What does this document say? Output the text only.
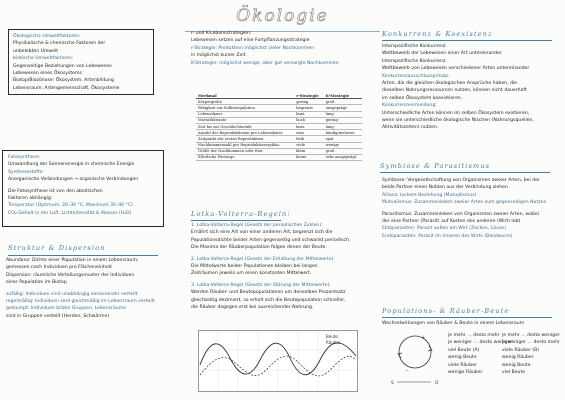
Ökologie
Ökologische Umweltfaktoren:
Physikalische & chemische Faktoren der
unbelebten Umwelt
biotische Umweltfaktoren:
Gegenseitige Beziehungen von Lebewesen
Lebewesen eines Ökosystems
Biotop/Biozönose: Ökosystem, Artenbildung
Lebensraum: Artengemeinschaft, Ökosysteme
Fotosynthese:
Umwandlung der Sonnenenergie in chemische Energie
Synthesestoffe:
Anorganische Verbindungen → organische Verbindungen
Die Fotosynthese ist von den abiotischen
Faktoren abhängig:
Temperatur (Optimum: 20–30 °C, Maximum 35–40 °C)
CO₂-Gehalt in der Luft, Lichtintensität & Wasser (H₂O)
Struktur & Dispersion
Abundanz: Dichte einer Population in einem Lebensraum,
gemessen nach Individuen pro Flächeneinheit
Dispersion: räumliche Verteilungsmuster der Individuen
einer Population im Biotop
zufällig: Individuen sind unabhängig voneinander verteilt
regelmäßig: Individuen sind gleichmäßig im Lebensraum verteilt
geklumpt: Individuen bilden Gruppen, Lebensräume
sind in Gruppen verteilt (Herden, Schwärme)
r- und K-Lebensstrategien:
Lebewesen setzen auf eine Fortpflanzungsstrategie
r-Strategie: Produktion möglichst vieler Nachkommen
in möglichst kurzer Zeit
K-Strategie: möglichst wenige, aber gut versorgte Nachkommen
Merkmal	r-Strategie	K-Strategie
Körpergröße	gering	groß
Fähigkeit zur Selbstregulation	begrenzt	ausgeprägt
Lebensdauer	kurz	lang
Mortalitätsrate	hoch	gering
Zeit bis zur Geschlechtsreife	kurz	lang
Anzahl der Reproduktionen pro Lebensdauer	eine	häufig/mehrere
Zeitpunkt der ersten Reproduktion	früh	spät
Nachkommenzahl pro Reproduktionszyklus	viele	wenige
Größe der Nachkommen oder Eier	klein	groß
Elterliche Fürsorge	keine	sehr ausgeprägt
Lotka-Volterra-Regeln:
1. Lotka-Volterra-Regel (Gesetz der periodischen Zyklen):
Ernährt sich eine Art von einer anderen Art, begrenzt sich die
Populationsdichte beider Arten gegenseitig und schwankt periodisch.
Die Maxima der Räuberpopulation folgen denen der Beute.
2. Lotka-Volterra-Regel (Gesetz der Erhaltung der Mittelwerte):
Die Mittelwerte beider Populationen bleiben bei langen
Zeiträumen jeweils um einen konstanten Mittelwert.
3. Lotka-Volterra-Regel (Gesetz der Störung der Mittelwerte):
Werden Räuber- und Beutepopulationen um denselben Prozentsatz
gleichzeitig dezimiert, so erholt sich die Beutepopulation schneller,
die Räuber dagegen erst bei ausreichender Nahrung.
Beute
Räuber
Konkurrenz & Koexistenz
Interspezifische Konkurrenz:
Wettbewerb der Lebewesen einer Art untereinander
Interspezifische Konkurrenz:
Wettbewerb von Lebewesen verschiedener Arten untereinander
Konkurrenzausschlussprinzip:
Arten, die die gleichen ökologischen Ansprüche haben, die
dieselben Nahrungsressourcen nutzen, können nicht dauerhaft
im selben Ökosystem koexistieren.
Konkurrenzvermeidung:
Unterschiedliche Arten können im selben Ökosystem existieren,
wenn sie unterschiedliche ökologische Nischen (Nahrungsquellen,
Aktivitätszeiten) nutzen.
Symbiose & Parasitismus
Symbiose: Vergesellschaftung von Organismen zweier Arten, bei der
beide Partner einen Nutzen aus der Verbindung ziehen
Allianz: lockere Beziehung (Mutualismus)
Mutualismus: Zusammenleben zweier Arten zum gegenseitigen Nutzen
Parasitismus: Zusammenleben von Organismen zweier Arten, wobei
der eine Partner (Parasit) auf Kosten des anderen (Wirt) lebt
Ektoparasiten: Parasit außen am Wirt (Zecken, Läuse)
Endoparasiten: Parasit im Inneren des Wirts (Bandwurm)
Populations- & Räuber-Beute
Wechselwirkungen von Räuber & Beute in einem Lebensraum
+
–
S	O
je mehr … desto mehr je mehr … desto weniger
je weniger … desto weniger
je weniger … desto mehr
viel Beute (A)	viele Räuber (B)
wenig Beute	wenig Räuber
viele Räuber	wenig Beute
wenige Räuber	viel Beute
